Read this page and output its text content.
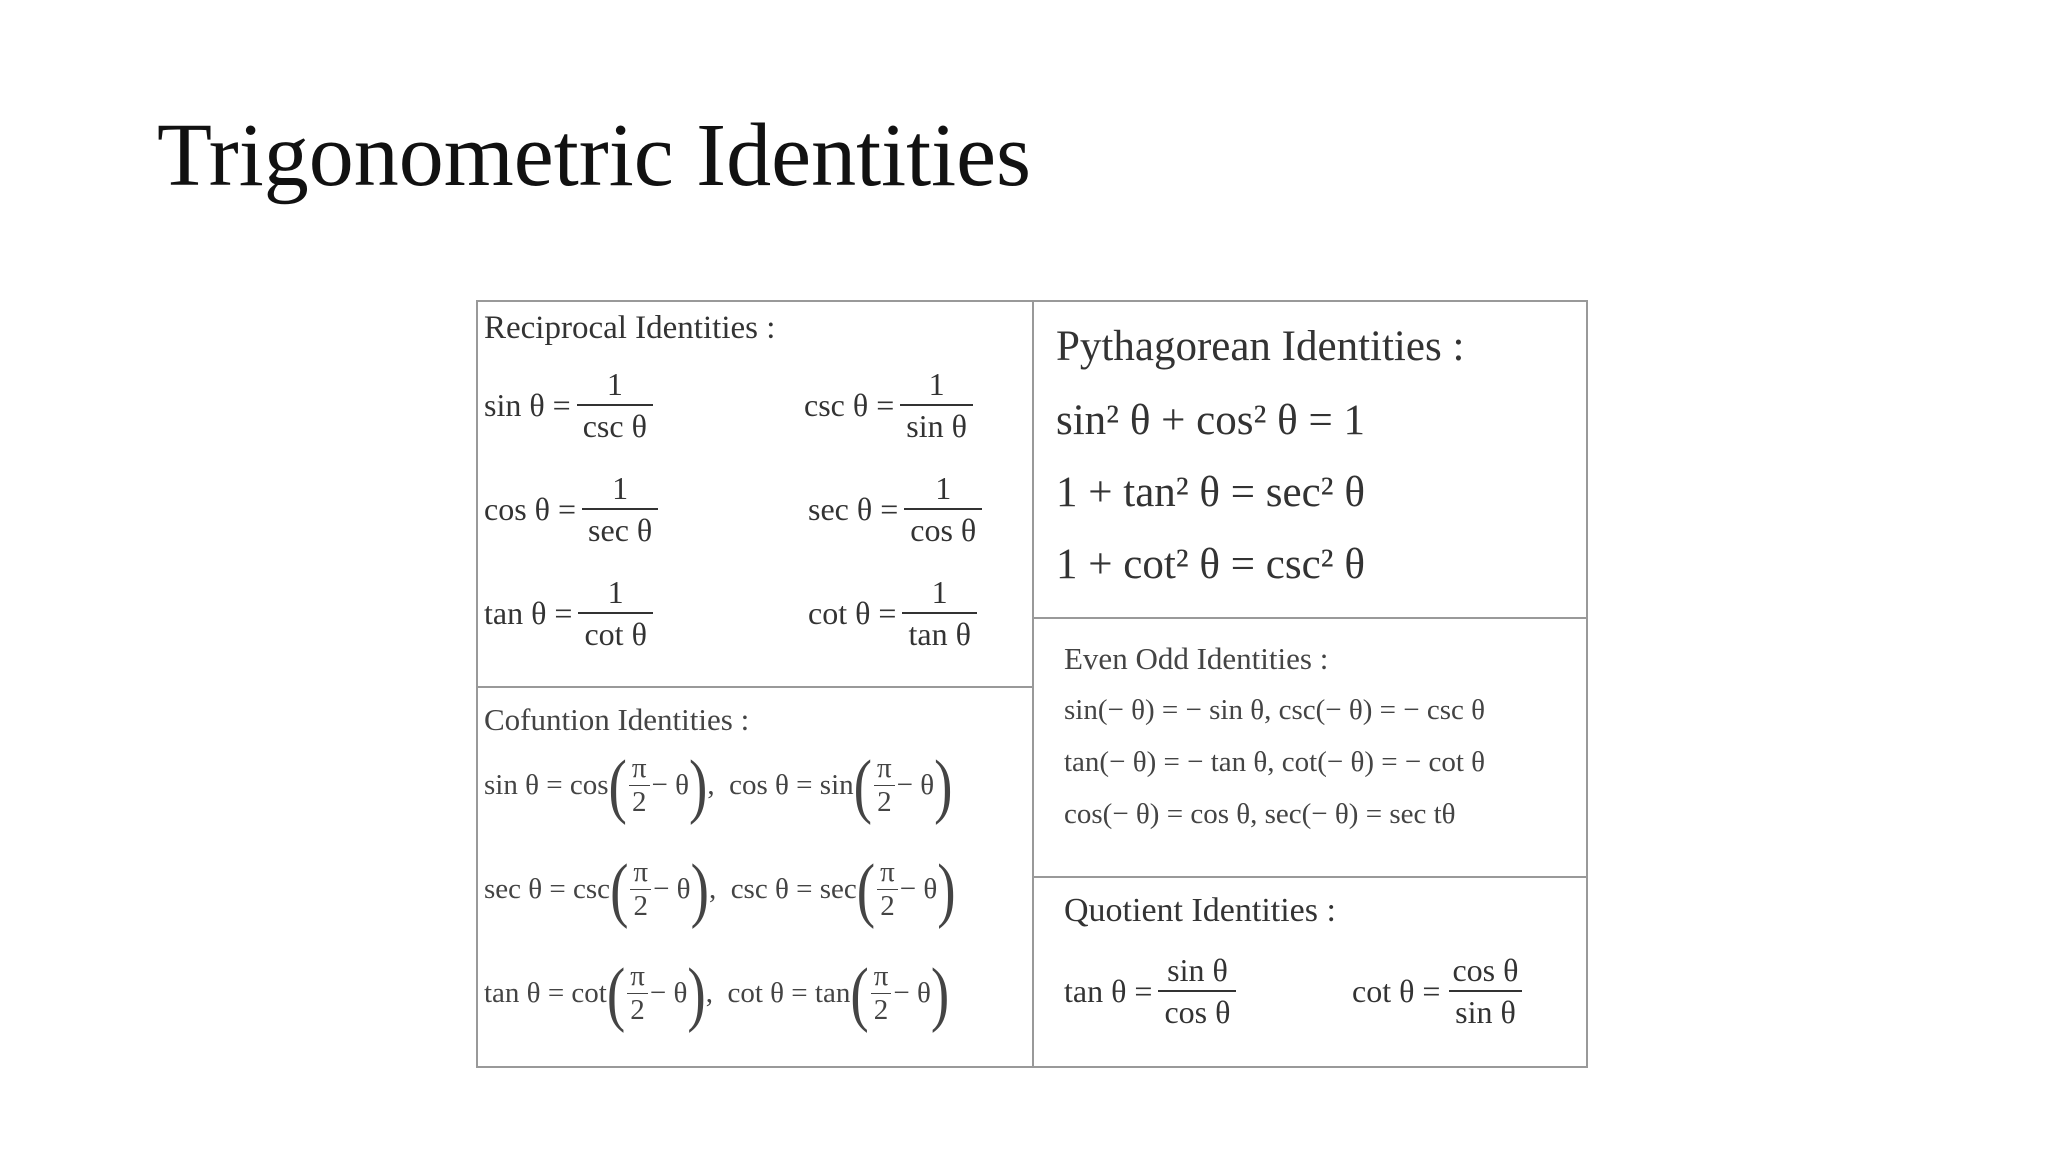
Trigonometric Identities
Reciprocal Identities :
$\sin \theta = \frac{1}{\text{csc θ}}$	$\csc \theta = \frac{1}{\text{sin θ}}$
$\cos \theta = \frac{1}{\text{sec θ}}$	$\sec \theta = \frac{1}{\text{cos θ}}$
$\tan \theta = \frac{1}{\text{cot θ}}$	$\cot \theta = \frac{1}{\text{tan θ}}$
Cofuntion Identities :
sin θ = cos ( $\frac{\pi}{2} - \theta$ ) , cos θ = sin ( $\frac{\pi}{2} - \theta$ )
sec θ = csc ( $\frac{\pi}{2} - \theta$ ) , csc θ = sec ( $\frac{\pi}{2} - \theta$ )
tan θ = cot ( $\frac{\pi}{2} - \theta$ ) , cot θ = tan ( $\frac{\pi}{2} - \theta$ )
Pythagorean Identities :
sin² θ + cos² θ = 1
1 + tan² θ = sec² θ
1 + cot² θ = csc² θ
Even Odd Identities :
sin(− θ) = − sin θ, csc(− θ) = − csc θ
tan(− θ) = − tan θ, cot(− θ) = − cot θ
cos(− θ) = cos θ, sec(− θ) = sec tθ
Quotient Identities :
$\tan \theta = \frac{\text{sin θ}}{\text{cos θ}}$	$\cot \theta = \frac{\text{cos θ}}{\text{sin θ}}$
